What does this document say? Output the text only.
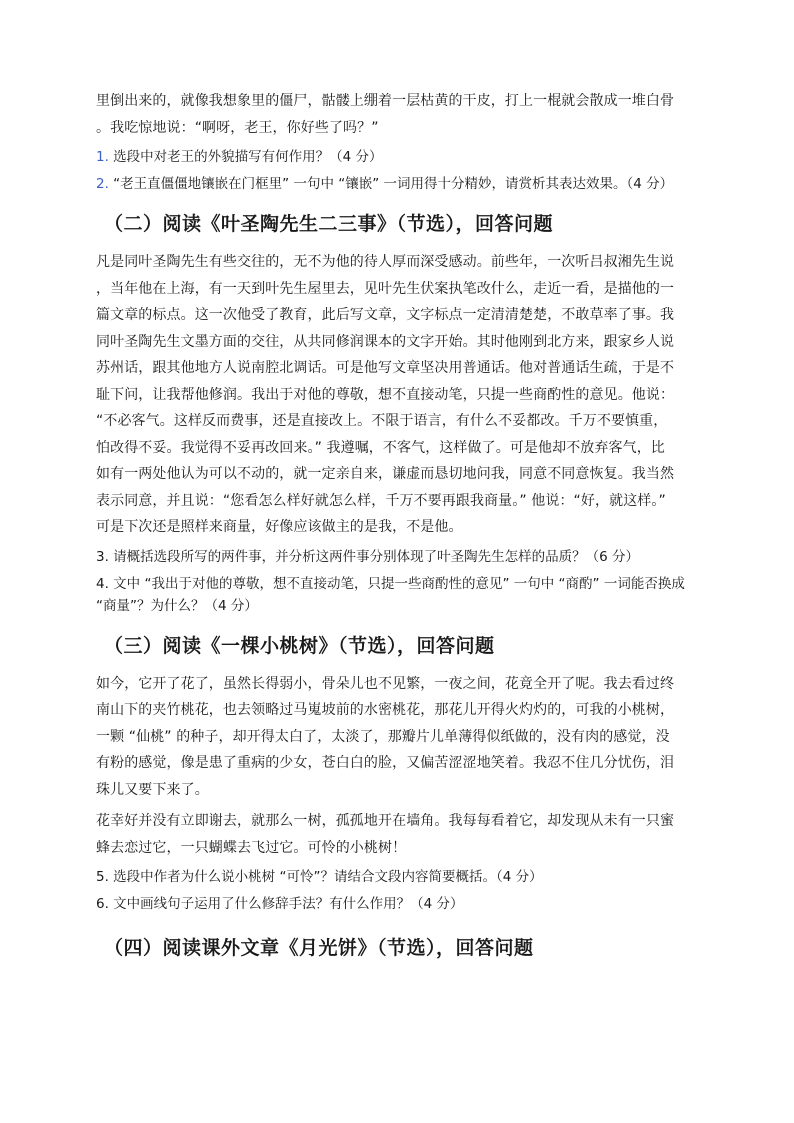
里倒出来的，就像我想象里的僵尸，骷髅上绷着一层枯黄的干皮，打上一棍就会散成一堆白骨

。我吃惊地说：“啊呀，老王，你好些了吗？”

1. 选段中对老王的外貌描写有何作用？（4 分）

2. “老王直僵僵地镶嵌在门框里” 一句中 “镶嵌” 一词用得十分精妙，请赏析其表达效果。（4 分）

（二）阅读《叶圣陶先生二三事》（节选），回答问题

凡是同叶圣陶先生有些交往的，无不为他的待人厚而深受感动。前些年，一次听吕叔湘先生说

，当年他在上海，有一天到叶先生屋里去，见叶先生伏案执笔改什么，走近一看，是描他的一

篇文章的标点。这一次他受了教育，此后写文章，文字标点一定清清楚楚，不敢草率了事。我

同叶圣陶先生文墨方面的交往，从共同修润课本的文字开始。其时他刚到北方来，跟家乡人说

苏州话，跟其他地方人说南腔北调话。可是他写文章坚决用普通话。他对普通话生疏，于是不

耻下问，让我帮他修润。我出于对他的尊敬，想不直接动笔，只提一些商酌性的意见。他说：

“不必客气。这样反而费事，还是直接改上。不限于语言，有什么不妥都改。千万不要慎重，

怕改得不妥。我觉得不妥再改回来。” 我遵嘱，不客气，这样做了。可是他却不放弃客气，比

如有一两处他认为可以不动的，就一定亲自来，谦虚而恳切地问我，同意不同意恢复。我当然

表示同意，并且说：“您看怎么样好就怎么样，千万不要再跟我商量。” 他说：“好，就这样。”

可是下次还是照样来商量，好像应该做主的是我，不是他。

3. 请概括选段所写的两件事，并分析这两件事分别体现了叶圣陶先生怎样的品质？（6 分）

4. 文中 “我出于对他的尊敬，想不直接动笔，只提一些商酌性的意见” 一句中 “商酌” 一词能否换成 “商量”？为什么？（4 分）

（三）阅读《一棵小桃树》（节选），回答问题

如今，它开了花了，虽然长得弱小，骨朵儿也不见繁，一夜之间，花竟全开了呢。我去看过终

南山下的夹竹桃花，也去领略过马嵬坡前的水密桃花，那花儿开得火灼灼的，可我的小桃树，

一颗 “仙桃” 的种子，却开得太白了，太淡了，那瓣片儿单薄得似纸做的，没有肉的感觉，没

有粉的感觉，像是患了重病的少女，苍白白的脸，又偏苦涩涩地笑着。我忍不住几分忧伤，泪

珠儿又要下来了。

花幸好并没有立即谢去，就那么一树，孤孤地开在墙角。我每每看着它，却发现从未有一只蜜

蜂去恋过它，一只蝴蝶去飞过它。可怜的小桃树！

5. 选段中作者为什么说小桃树 “可怜”？请结合文段内容简要概括。（4 分）

6. 文中画线句子运用了什么修辞手法？有什么作用？（4 分）

（四）阅读课外文章《月光饼》（节选），回答问题
